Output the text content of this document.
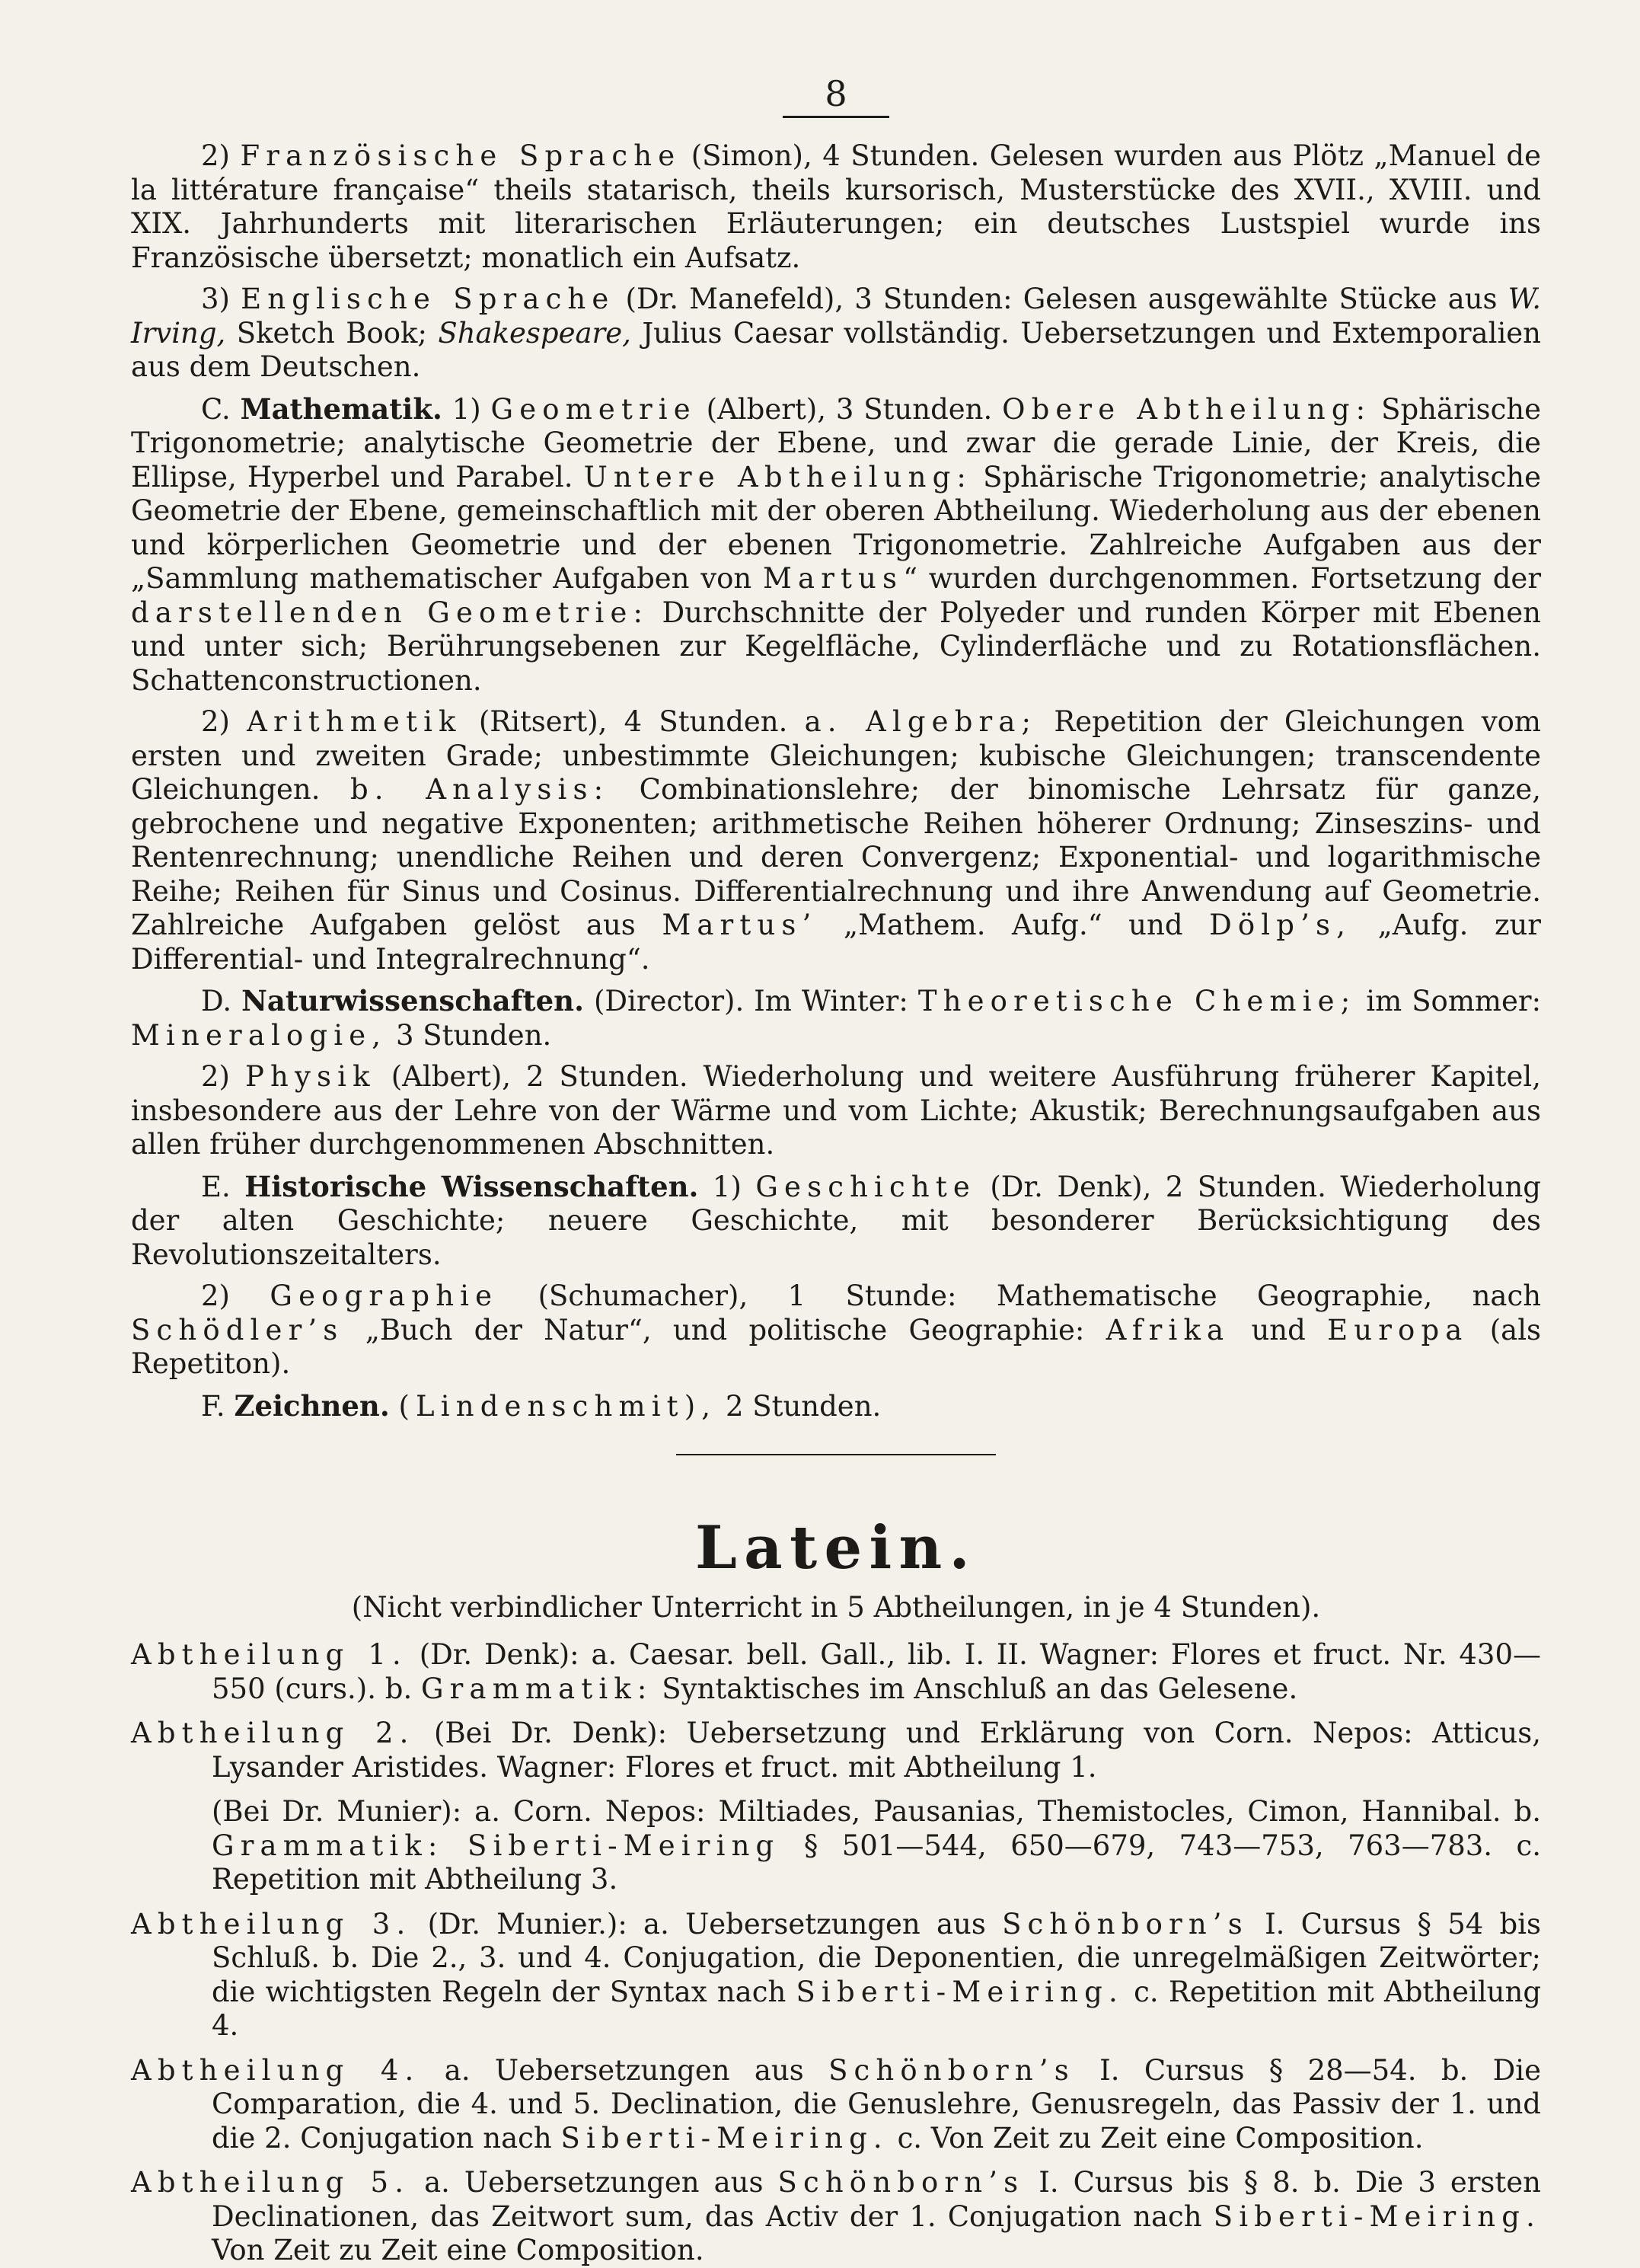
8

2) Französische Sprache (Simon), 4 Stunden. Gelesen wurden aus Plötz „Manuel de la littérature française“ theils statarisch, theils kursorisch, Musterstücke des XVII., XVIII. und XIX. Jahrhunderts mit literarischen Erläuterungen; ein deutsches Lustspiel wurde ins Französische übersetzt; monatlich ein Aufsatz.

3) Englische Sprache (Dr. Manefeld), 3 Stunden: Gelesen ausgewählte Stücke aus W. Irving, Sketch Book; Shakespeare, Julius Caesar vollständig. Uebersetzungen und Extemporalien aus dem Deutschen.

C. Mathematik. 1) Geometrie (Albert), 3 Stunden. Obere Abtheilung: Sphärische Trigonometrie; analytische Geometrie der Ebene, und zwar die gerade Linie, der Kreis, die Ellipse, Hyperbel und Parabel. Untere Abtheilung: Sphärische Trigonometrie; analytische Geometrie der Ebene, gemeinschaftlich mit der oberen Abtheilung. Wiederholung aus der ebenen und körperlichen Geometrie und der ebenen Trigonometrie. Zahlreiche Aufgaben aus der „Sammlung mathematischer Aufgaben von Martus“ wurden durchgenommen. Fortsetzung der darstellenden Geometrie: Durchschnitte der Polyeder und runden Körper mit Ebenen und unter sich; Berührungsebenen zur Kegelfläche, Cylinderfläche und zu Rotationsflächen. Schattenconstructionen.

2) Arithmetik (Ritsert), 4 Stunden. a. Algebra; Repetition der Gleichungen vom ersten und zweiten Grade; unbestimmte Gleichungen; kubische Gleichungen; transcendente Gleichungen. b. Analysis: Combinationslehre; der binomische Lehrsatz für ganze, gebrochene und negative Exponenten; arithmetische Reihen höherer Ordnung; Zinseszins- und Rentenrechnung; unendliche Reihen und deren Convergenz; Exponential- und logarithmische Reihe; Reihen für Sinus und Cosinus. Differentialrechnung und ihre Anwendung auf Geometrie. Zahlreiche Aufgaben gelöst aus Martus’ „Mathem. Aufg.“ und Dölp’s, „Aufg. zur Differential- und Integralrechnung“.

D. Naturwissenschaften. (Director). Im Winter: Theoretische Chemie; im Sommer: Mineralogie, 3 Stunden.

2) Physik (Albert), 2 Stunden. Wiederholung und weitere Ausführung früherer Kapitel, insbesondere aus der Lehre von der Wärme und vom Lichte; Akustik; Berechnungsaufgaben aus allen früher durchgenommenen Abschnitten.

E. Historische Wissenschaften. 1) Geschichte (Dr. Denk), 2 Stunden. Wiederholung der alten Geschichte; neuere Geschichte, mit besonderer Berücksichtigung des Revolutionszeitalters.

2) Geographie (Schumacher), 1 Stunde: Mathematische Geographie, nach Schödler’s „Buch der Natur“, und politische Geographie: Afrika und Europa (als Repetiton).

F. Zeichnen. (Lindenschmit), 2 Stunden.

Latein.
(Nicht verbindlicher Unterricht in 5 Abtheilungen, in je 4 Stunden).

Abtheilung 1. (Dr. Denk): a. Caesar. bell. Gall., lib. I. II. Wagner: Flores et fruct. Nr. 430—550 (curs.). b. Grammatik: Syntaktisches im Anschluß an das Gelesene.

Abtheilung 2. (Bei Dr. Denk): Uebersetzung und Erklärung von Corn. Nepos: Atticus, Lysander Aristides. Wagner: Flores et fruct. mit Abtheilung 1.

(Bei Dr. Munier): a. Corn. Nepos: Miltiades, Pausanias, Themistocles, Cimon, Hannibal. b. Grammatik: Siberti-Meiring § 501—544, 650—679, 743—753, 763—783. c. Repetition mit Abtheilung 3.

Abtheilung 3. (Dr. Munier.): a. Uebersetzungen aus Schönborn’s I. Cursus § 54 bis Schluß. b. Die 2., 3. und 4. Conjugation, die Deponentien, die unregelmäßigen Zeitwörter; die wichtigsten Regeln der Syntax nach Siberti-Meiring. c. Repetition mit Abtheilung 4.

Abtheilung 4. a. Uebersetzungen aus Schönborn’s I. Cursus § 28—54. b. Die Comparation, die 4. und 5. Declination, die Genuslehre, Genusregeln, das Passiv der 1. und die 2. Conjugation nach Siberti-Meiring. c. Von Zeit zu Zeit eine Composition.

Abtheilung 5. a. Uebersetzungen aus Schönborn’s I. Cursus bis § 8. b. Die 3 ersten Declinationen, das Zeitwort sum, das Activ der 1. Conjugation nach Siberti-Meiring. Von Zeit zu Zeit eine Composition.
